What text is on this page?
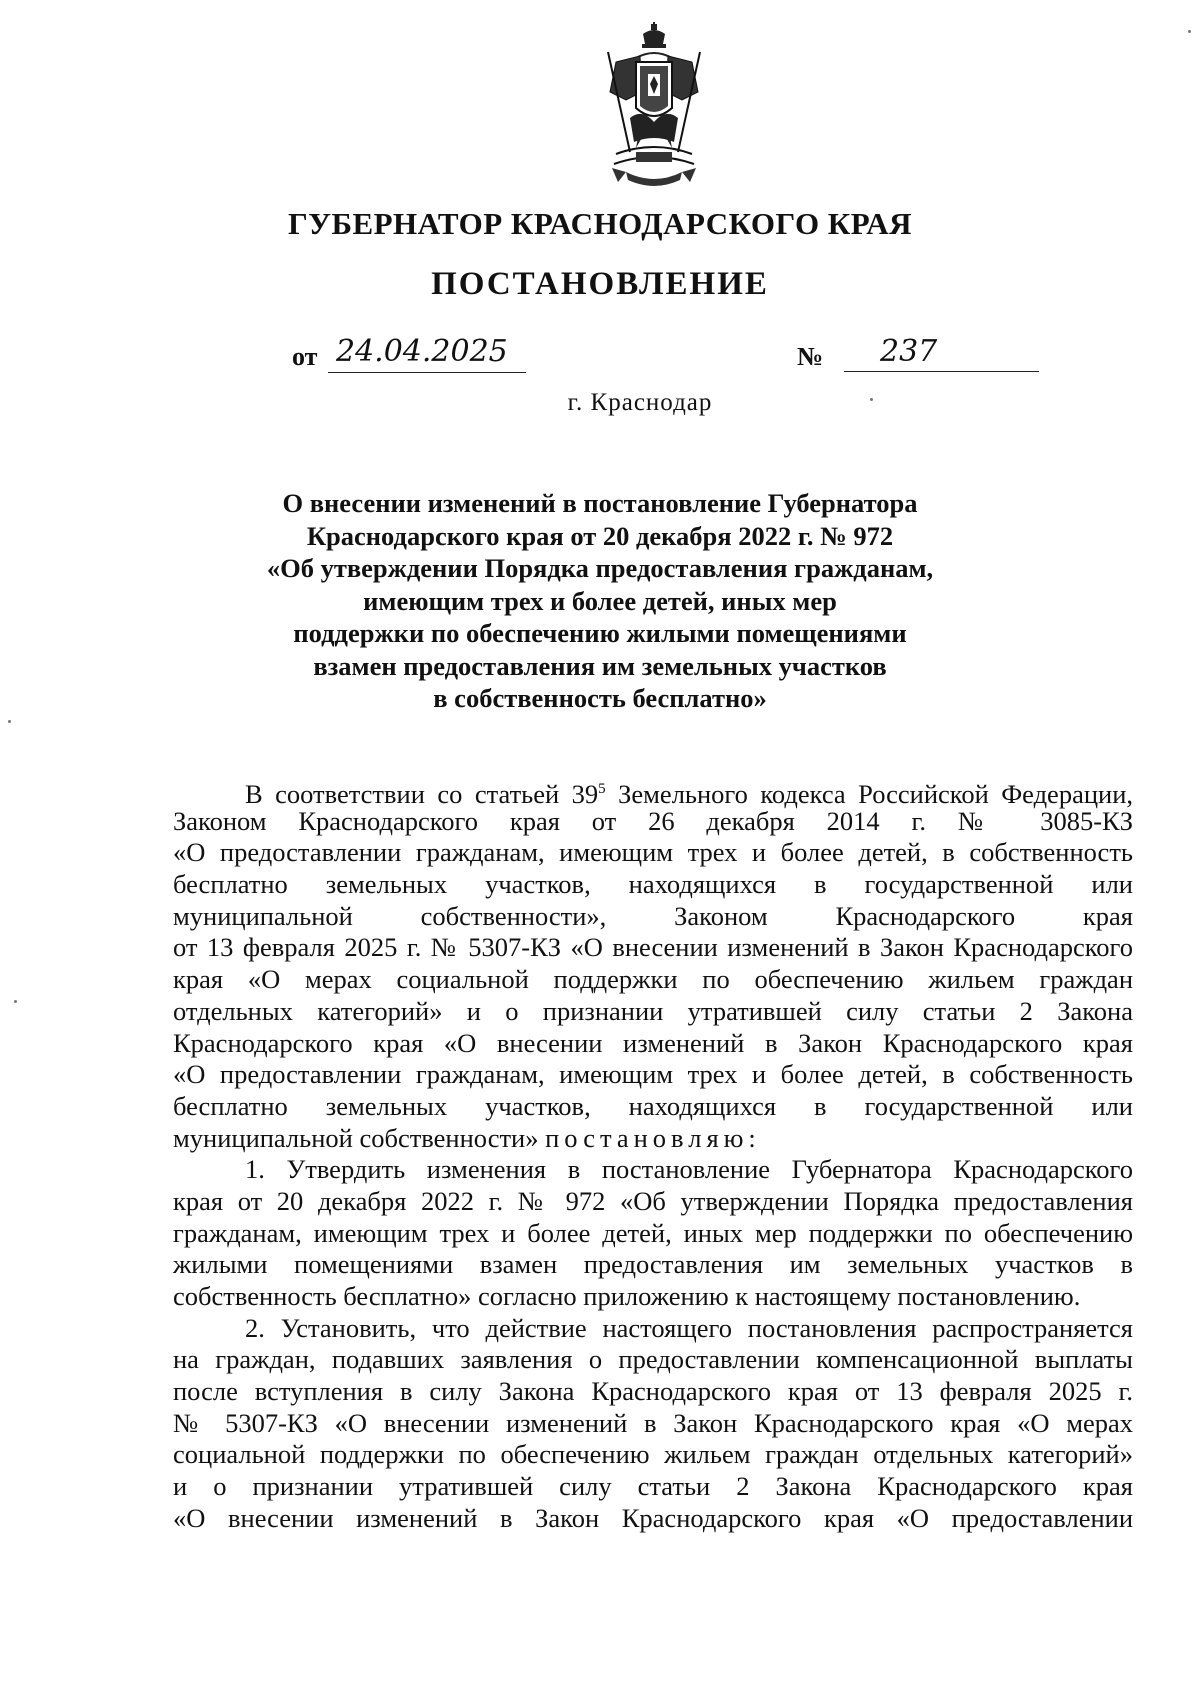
ГУБЕРНАТОР КРАСНОДАРСКОГО КРАЯ
ПОСТАНОВЛЕНИЕ
от 24.04.2025	№	237
г. Краснодар
О внесении изменений в постановление Губернатора
Краснодарского края от 20 декабря 2022 г. № 972
«Об утверждении Порядка предоставления гражданам,
имеющим трех и более детей, иных мер
поддержки по обеспечению жилыми помещениями
взамен предоставления им земельных участков
в собственность бесплатно»
В соответствии со статьей $39^5$ Земельного кодекса Российской Федерации,
Законом Краснодарского края от 26 декабря 2014 г. № 3085-КЗ
«О предоставлении гражданам, имеющим трех и более детей, в собственность
бесплатно земельных участков, находящихся в государственной или
муниципальной собственности», Законом Краснодарского края
от 13 февраля 2025 г. № 5307-КЗ «О внесении изменений в Закон Краснодарского
края «О мерах социальной поддержки по обеспечению жильем граждан
отдельных категорий» и о признании утратившей силу статьи 2 Закона
Краснодарского края «О внесении изменений в Закон Краснодарского края
«О предоставлении гражданам, имеющим трех и более детей, в собственность
бесплатно земельных участков, находящихся в государственной или
муниципальной собственности» постановляю:
1. Утвердить изменения в постановление Губернатора Краснодарского
края от 20 декабря 2022 г. № 972 «Об утверждении Порядка предоставления
гражданам, имеющим трех и более детей, иных мер поддержки по обеспечению
жилыми помещениями взамен предоставления им земельных участков в
собственность бесплатно» согласно приложению к настоящему постановлению.
2. Установить, что действие настоящего постановления распространяется
на граждан, подавших заявления о предоставлении компенсационной выплаты
после вступления в силу Закона Краснодарского края от 13 февраля 2025 г.
№ 5307-КЗ «О внесении изменений в Закон Краснодарского края «О мерах
социальной поддержки по обеспечению жильем граждан отдельных категорий»
и о признании утратившей силу статьи 2 Закона Краснодарского края
«О внесении изменений в Закон Краснодарского края «О предоставлении
